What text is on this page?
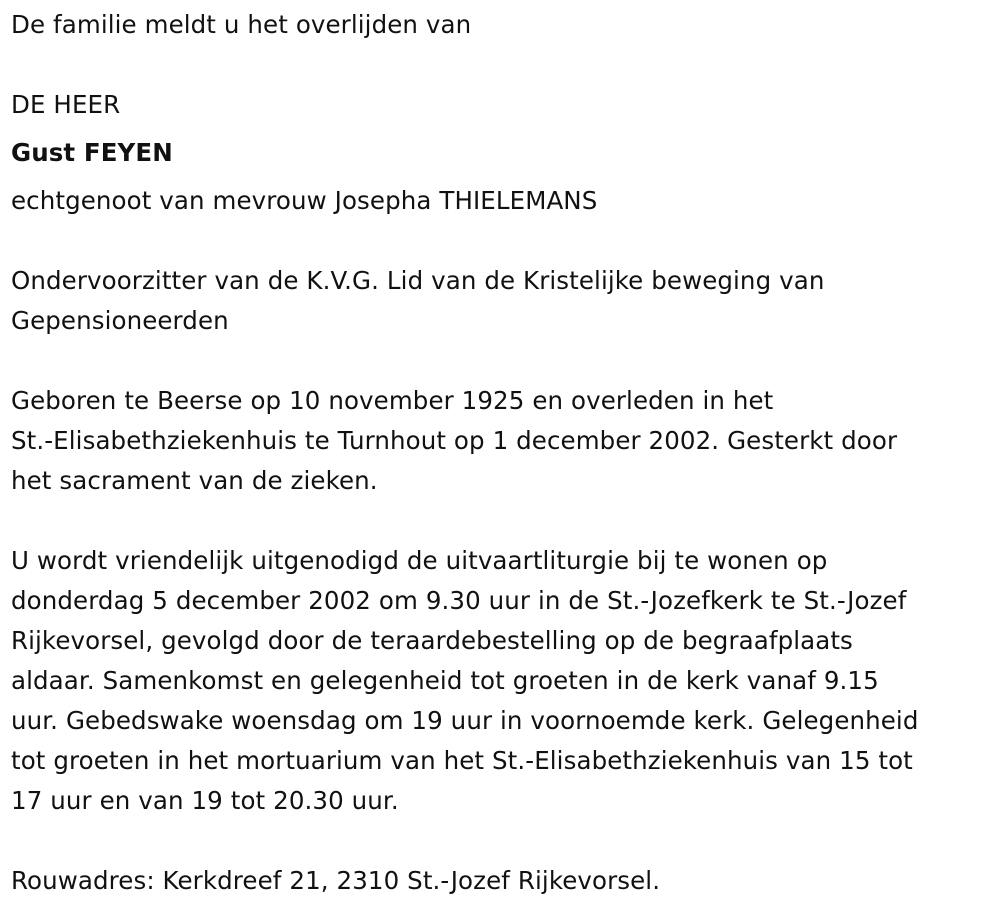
De familie meldt u het overlijden van
DE HEER
Gust FEYEN
echtgenoot van mevrouw Josepha THIELEMANS
Ondervoorzitter van de K.V.G. Lid van de Kristelijke beweging van
Gepensioneerden
Geboren te Beerse op 10 november 1925 en overleden in het
St.-Elisabethziekenhuis te Turnhout op 1 december 2002. Gesterkt door
het sacrament van de zieken.
U wordt vriendelijk uitgenodigd de uitvaartliturgie bij te wonen op
donderdag 5 december 2002 om 9.30 uur in de St.-Jozefkerk te St.-Jozef
Rijkevorsel, gevolgd door de teraardebestelling op de begraafplaats
aldaar. Samenkomst en gelegenheid tot groeten in de kerk vanaf 9.15
uur. Gebedswake woensdag om 19 uur in voornoemde kerk. Gelegenheid
tot groeten in het mortuarium van het St.-Elisabethziekenhuis van 15 tot
17 uur en van 19 tot 20.30 uur.
Rouwadres: Kerkdreef 21, 2310 St.-Jozef Rijkevorsel.
